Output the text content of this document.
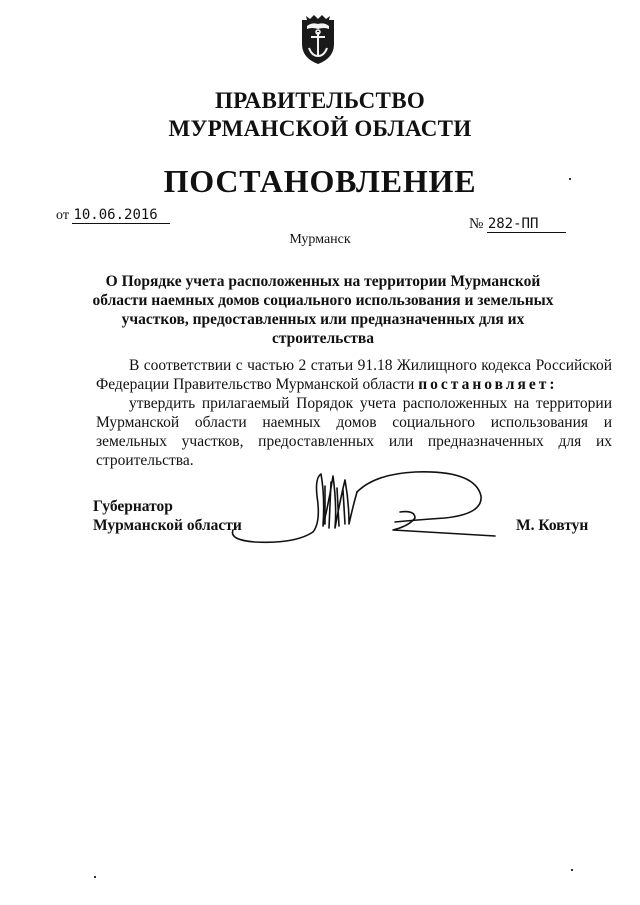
ПРАВИТЕЛЬСТВО
МУРМАНСКОЙ ОБЛАСТИ
ПОСТАНОВЛЕНИЕ
от 10.06.2016
№ 282-ПП
Мурманск
О Порядке учета расположенных на территории Мурманской области наемных домов социального использования и земельных участков, предоставленных или предназначенных для их строительства
В соответствии с частью 2 статьи 91.18 Жилищного кодекса Российской Федерации Правительство Мурманской области постановляет:
утвердить прилагаемый Порядок учета расположенных на территории Мурманской области наемных домов социального использования и земельных участков, предоставленных или предназначенных для их строительства.
Губернатор
Мурманской области	М. Ковтун
